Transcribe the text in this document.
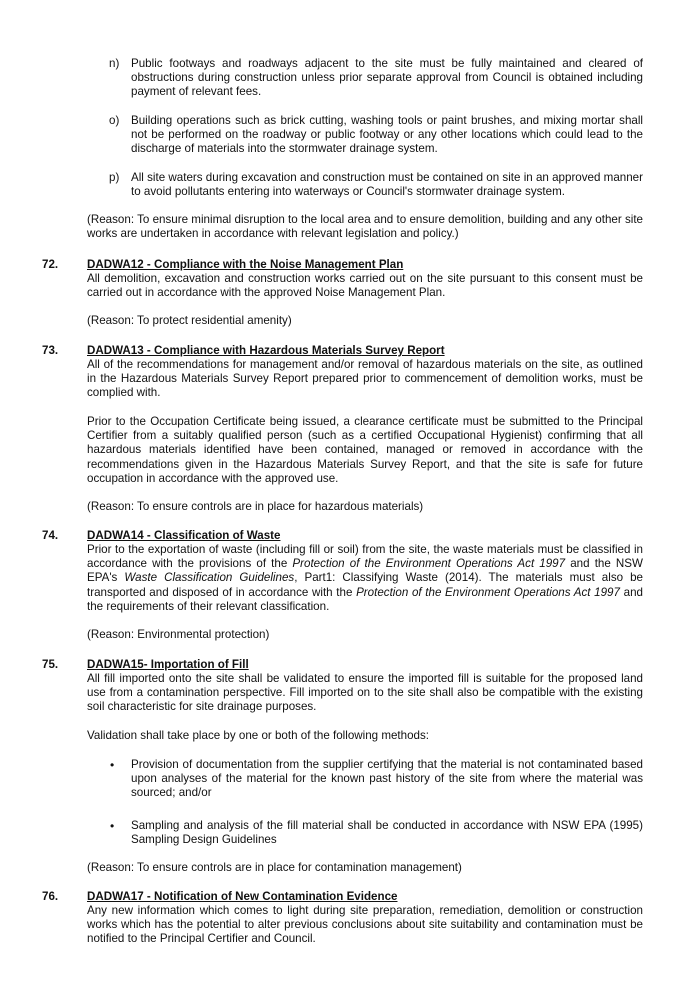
n) Public footways and roadways adjacent to the site must be fully maintained and cleared of obstructions during construction unless prior separate approval from Council is obtained including payment of relevant fees.
o) Building operations such as brick cutting, washing tools or paint brushes, and mixing mortar shall not be performed on the roadway or public footway or any other locations which could lead to the discharge of materials into the stormwater drainage system.
p) All site waters during excavation and construction must be contained on site in an approved manner to avoid pollutants entering into waterways or Council's stormwater drainage system.
(Reason: To ensure minimal disruption to the local area and to ensure demolition, building and any other site works are undertaken in accordance with relevant legislation and policy.)
72. DADWA12 - Compliance with the Noise Management Plan
All demolition, excavation and construction works carried out on the site pursuant to this consent must be carried out in accordance with the approved Noise Management Plan.
(Reason: To protect residential amenity)
73. DADWA13 - Compliance with Hazardous Materials Survey Report
All of the recommendations for management and/or removal of hazardous materials on the site, as outlined in the Hazardous Materials Survey Report prepared prior to commencement of demolition works, must be complied with.
Prior to the Occupation Certificate being issued, a clearance certificate must be submitted to the Principal Certifier from a suitably qualified person (such as a certified Occupational Hygienist) confirming that all hazardous materials identified have been contained, managed or removed in accordance with the recommendations given in the Hazardous Materials Survey Report, and that the site is safe for future occupation in accordance with the approved use.
(Reason: To ensure controls are in place for hazardous materials)
74. DADWA14 - Classification of Waste
Prior to the exportation of waste (including fill or soil) from the site, the waste materials must be classified in accordance with the provisions of the Protection of the Environment Operations Act 1997 and the NSW EPA's Waste Classification Guidelines, Part1: Classifying Waste (2014). The materials must also be transported and disposed of in accordance with the Protection of the Environment Operations Act 1997 and the requirements of their relevant classification.
(Reason: Environmental protection)
75. DADWA15- Importation of Fill
All fill imported onto the site shall be validated to ensure the imported fill is suitable for the proposed land use from a contamination perspective. Fill imported on to the site shall also be compatible with the existing soil characteristic for site drainage purposes.
Validation shall take place by one or both of the following methods:
• Provision of documentation from the supplier certifying that the material is not contaminated based upon analyses of the material for the known past history of the site from where the material was sourced; and/or
• Sampling and analysis of the fill material shall be conducted in accordance with NSW EPA (1995) Sampling Design Guidelines
(Reason: To ensure controls are in place for contamination management)
76. DADWA17 - Notification of New Contamination Evidence
Any new information which comes to light during site preparation, remediation, demolition or construction works which has the potential to alter previous conclusions about site suitability and contamination must be notified to the Principal Certifier and Council.
